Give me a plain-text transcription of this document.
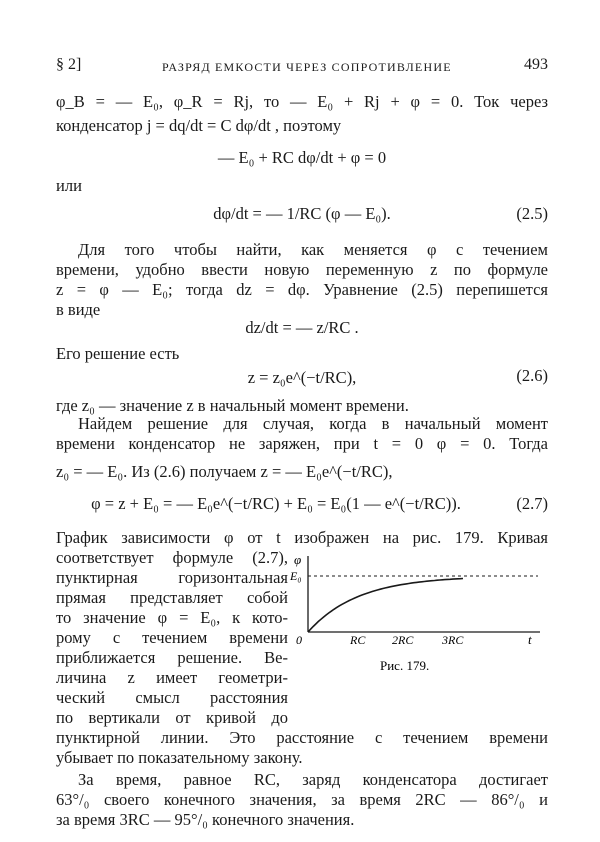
§ 2]	РАЗРЯД ЕМКОСТИ ЧЕРЕЗ СОПРОТИВЛЕНИЕ	493
φ_B = — E₀, φ_R = Rj, то — E₀ + Rj + φ = 0. Ток через
конденсатор j = dq/dt = C dφ/dt , поэтому
— E₀ + RC dφ/dt + φ = 0
или
dφ/dt = — 1/RC (φ — E₀).	(2.5)
Для того чтобы найти, как меняется φ с течением
времени, удобно ввести новую переменную z по формуле
z = φ — E₀; тогда dz = dφ. Уравнение (2.5) перепишется
в виде
dz/dt = — z/RC .
Его решение есть
z = z₀e^(−t/RC),	(2.6)
где z₀ — значение z в начальный момент времени.
Найдем решение для случая, когда в начальный момент
времени конденсатор не заряжен, при t = 0 φ = 0. Тогда
z₀ = — E₀. Из (2.6) получаем z = — E₀e^(−t/RC),
φ = z + E₀ = — E₀e^(−t/RC) + E₀ = E₀(1 — e^(−t/RC)).	(2.7)
График зависимости φ от t изображен на рис. 179. Кривая
соответствует формуле (2.7),
пунктирная горизонтальная
прямая представляет собой
то значение φ = E₀, к кото-
рому с течением времени
приближается решение. Ве-
личина z имеет геометри-
ческий смысл расстояния
по вертикали от кривой до
пунктирной линии. Это расстояние с течением времени
убывает по показательному закону.
За время, равное RC, заряд конденсатора достигает
63°/₀ своего конечного значения, за время 2RC — 86°/₀ и
за время 3RC — 95°/₀ конечного значения.
φ
E₀
0	t
RC 2RC 3RC
Рис. 179.
